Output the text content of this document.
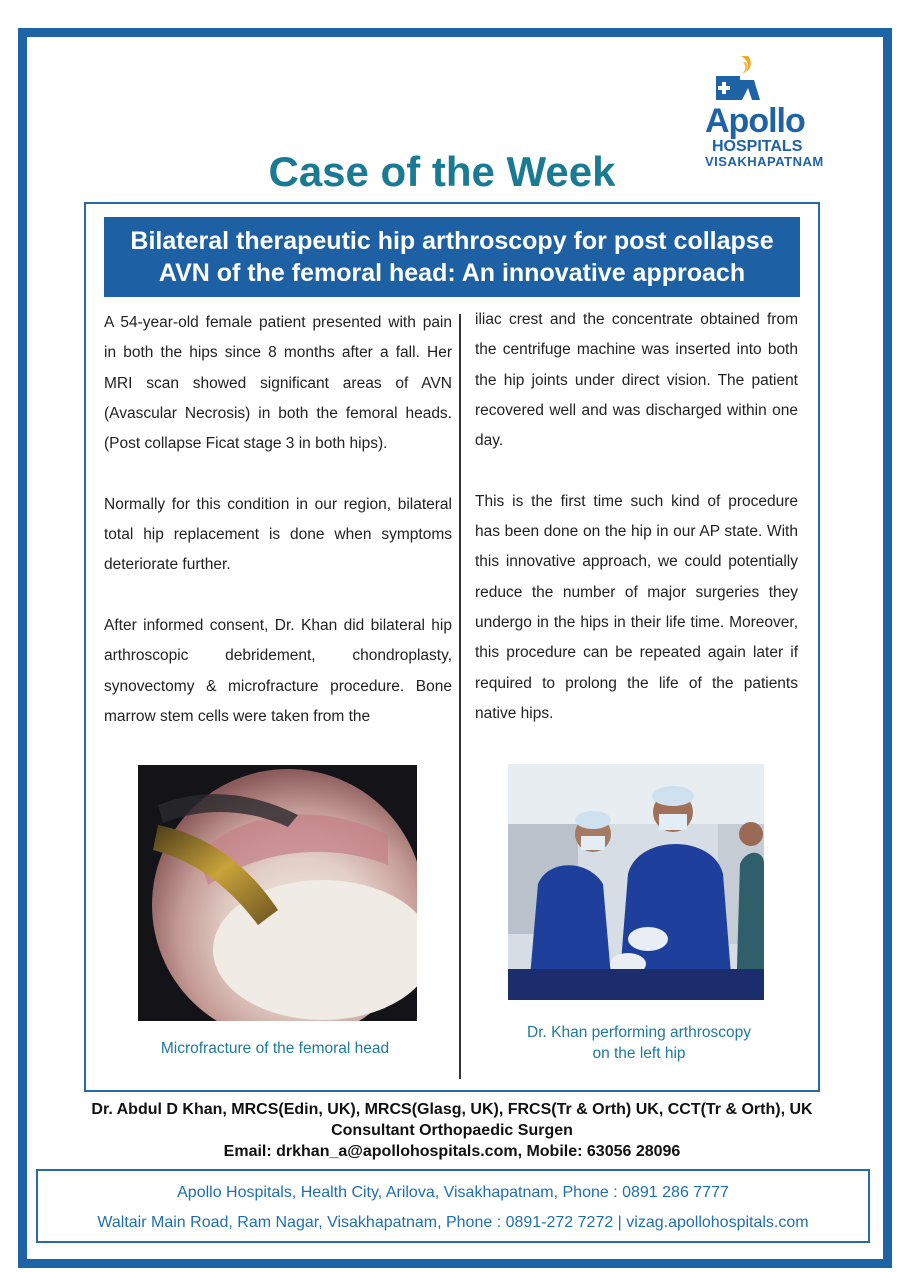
Apollo
HOSPITALS
VISAKHAPATNAM
Case of the Week
Bilateral therapeutic hip arthroscopy for post collapse
AVN of the femoral head: An innovative approach

A 54-year-old female patient presented with pain in both the hips since 8 months after a fall. Her MRI scan showed significant areas of AVN (Avascular Necrosis) in both the femoral heads. (Post collapse Ficat stage 3 in both hips).

Normally for this condition in our region, bilateral total hip replacement is done when symptoms deteriorate further.

After informed consent, Dr. Khan did bilateral hip arthroscopic debridement, chondroplasty, synovectomy & microfracture procedure. Bone marrow stem cells were taken from the

iliac crest and the concentrate obtained from the centrifuge machine was inserted into both the hip joints under direct vision. The patient recovered well and was discharged within one day.

This is the first time such kind of procedure has been done on the hip in our AP state. With this innovative approach, we could potentially reduce the number of major surgeries they undergo in the hips in their life time. Moreover, this procedure can be repeated again later if required to prolong the life of the patients native hips.

Microfracture of the femoral head
Dr. Khan performing arthroscopy
on the left hip
Dr. Abdul D Khan, MRCS(Edin, UK), MRCS(Glasg, UK), FRCS(Tr & Orth) UK, CCT(Tr & Orth), UK
Consultant Orthopaedic Surgen
Email: drkhan_a@apollohospitals.com, Mobile: 63056 28096
Apollo Hospitals, Health City, Arilova, Visakhapatnam, Phone : 0891 286 7777
Waltair Main Road, Ram Nagar, Visakhapatnam, Phone : 0891-272 7272 | vizag.apollohospitals.com
